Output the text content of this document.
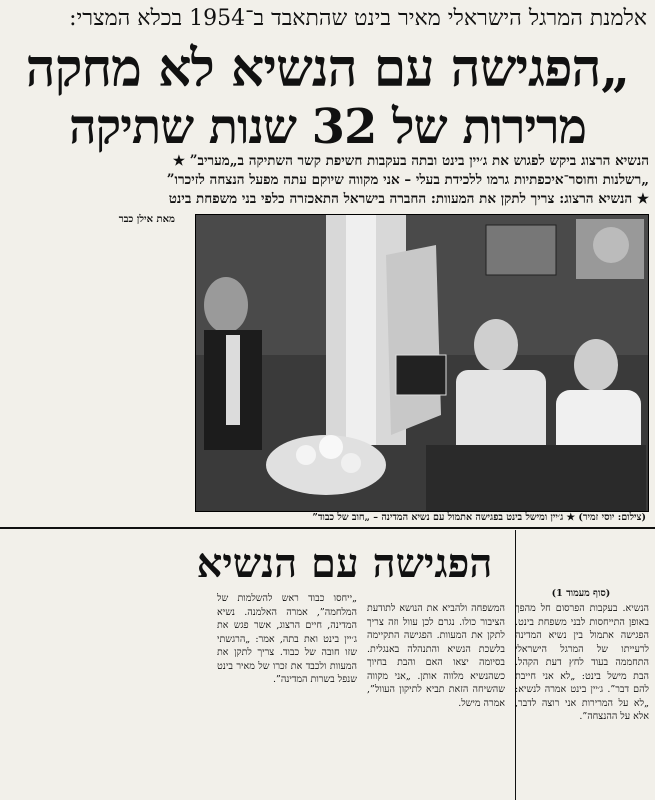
אלמנת המרגל הישראלי מאיר בינט שהתאבד ב־1954 בכלא המצרי:
„הפגישה עם הנשיא לא מחקה
מרירות של 32 שנות שתיקה
הנשיא הרצוג ביקש לפגוש את ג׳יין בינט ובתה בעקבות חשיפת קשר השתיקה ב„מעריב” ★
„רשלנות וחוסר־איכפתיות גרמו ללכידת בעלי – אני מקווה שיוקם עתה מפעל הנצחה לזיכרו”
★ הנשיא הרצוג: צריך לתקן את המעוות: החברה בישראל התאכזרה כלפי בני משפחת בינט
מאת אילן כבר

(צילום: יוסי זמיר) ★ ג׳יין ומישל בינט בפגישה אתמול עם נשיא המדינה – „חוב של כבוד”
הפגישה עם הנשיא
(סוף מעמוד 1)
הנשיא. בעקבות הפרסום חל מהפך באופן התייחסות לבני משפחת בינט. הפגישה אתמול בין נשיא המדינה לרעייתו של המרגל הישראלי התחממה בעוד לחץ דעת הקהל. הבת מישל בינט: „לא אני חייבת להם דבר”. ג׳יין בינט אמרה לנשיא: „לא על המרירות אני רוצה לדבר, אלא על ההנצחה”.
המשפחה ולהביא את הנושא לתודעת הציבור כולו. נגרם לכן עוול וזה צריך לתקן את המעוות. הפגישה התקיימה בלשכת הנשיא והתנהלה באנגלית. בסיומה יצאו האם והבת בחיוך כשהנשיא מלווה אותן. „אני מקווה שהשיחה הזאת תביא לתיקון העוול”, אמרה מישל.
„ייחסו כבוד ראש להשלמות של המלחמה”, אמרה האלמנה. נשיא המדינה, חיים הרצוג, אשר פגש את ג׳יין בינט ואת בתה, אמר: „הרגשתי שזו חובה של כבוד. צריך לתקן את המעוות ולכבד את זכרו של מאיר בינט שנפל בשרות המדינה”.
